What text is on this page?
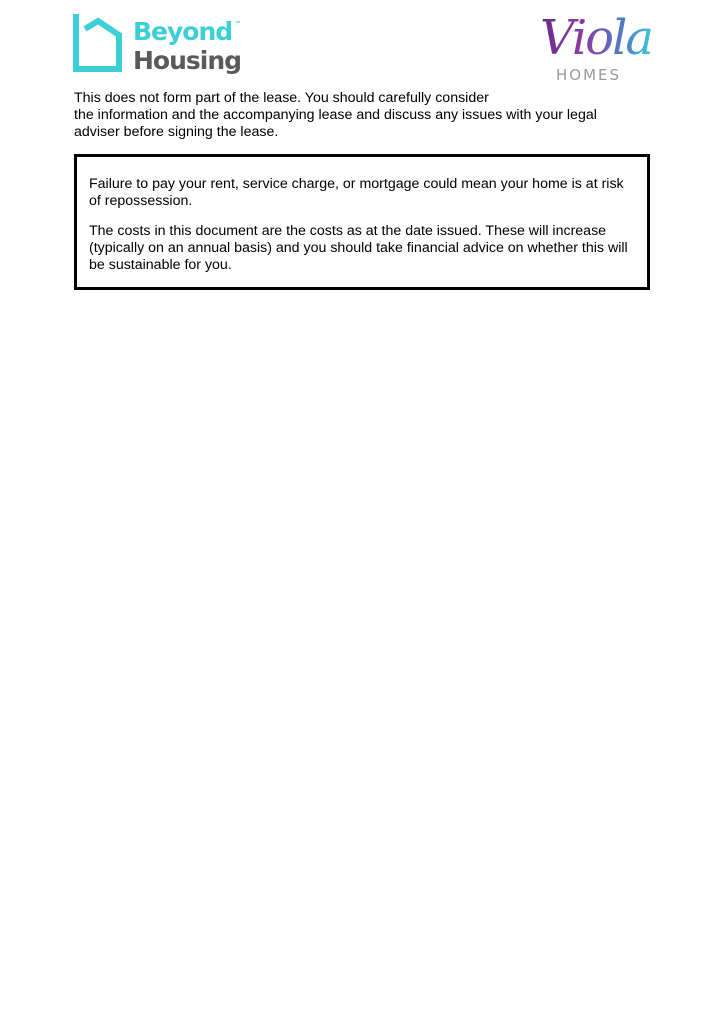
Beyond ™
Housing	Viola
HOMES
This does not form part of the lease. You should carefully consider
the information and the accompanying lease and discuss any issues with your legal
adviser before signing the lease.

Failure to pay your rent, service charge, or mortgage could mean your home is at risk of repossession.

The costs in this document are the costs as at the date issued. These will increase (typically on an annual basis) and you should take financial advice on whether this will be sustainable for you.
